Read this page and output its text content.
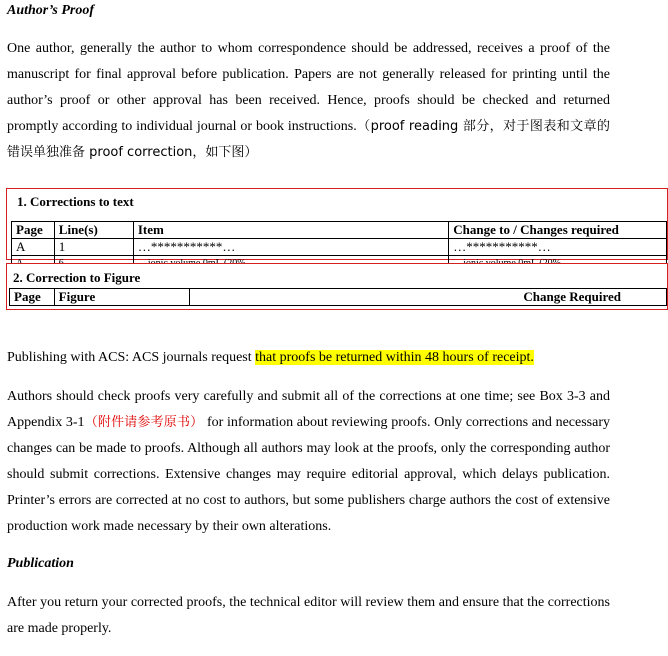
Author’s Proof
One author, generally the author to whom correspondence should be addressed, receives a proof of the manuscript for final approval before publication. Papers are not generally released for printing until the author’s proof or other approval has been received. Hence, proofs should be checked and returned promptly according to individual journal or book instructions.（proof reading 部分，对于图表和文章的错误单独准备 proof correction，如下图）
1. Corrections to text
Page	Line(s)	Item	Change to / Changes required
A	1	…***********…	…***********…

2. Correction to Figure
Page	Figure	Change Required
Publishing with ACS: ACS journals request that proofs be returned within 48 hours of receipt.
Authors should check proofs very carefully and submit all of the corrections at one time; see Box 3-3 and Appendix 3-1（附件请参考原书） for information about reviewing proofs. Only corrections and necessary changes can be made to proofs. Although all authors may look at the proofs, only the corresponding author should submit corrections. Extensive changes may require editorial approval, which delays publication. Printer’s errors are corrected at no cost to authors, but some publishers charge authors the cost of extensive production work made necessary by their own alterations.
Publication
After you return your corrected proofs, the technical editor will review them and ensure that the corrections are made properly.
